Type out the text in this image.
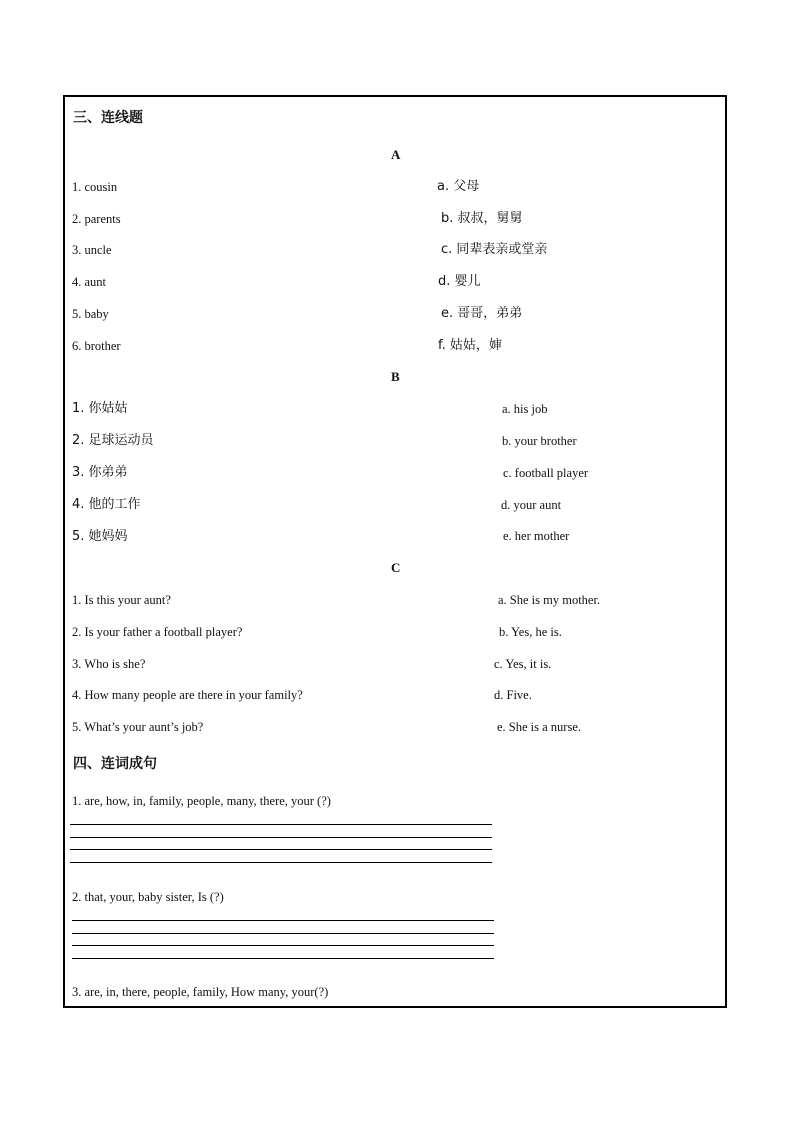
三、连线题
A
1. cousin
2. parents
3. uncle
4. aunt
5. baby
6. brother
a. 父母
b. 叔叔，舅舅
c. 同辈表亲或堂亲
d. 婴儿
e. 哥哥，弟弟
f. 姑姑，婶
B
1. 你姑姑
2. 足球运动员
3. 你弟弟
4. 他的工作
5. 她妈妈
a. his job
b. your brother
c. football player
d. your aunt
e. her mother
C
1. Is this your aunt?
2. Is your father a football player?
3. Who is she?
4. How many people are there in your family?
5. What’s your aunt’s job?
a. She is my mother.
b. Yes, he is.
c. Yes, it is.
d. Five.
e. She is a nurse.
四、连词成句
1. are, how, in, family, people, many, there, your (?)
2. that, your, baby sister, Is (?)
3. are, in, there, people, family, How many, your(?)
